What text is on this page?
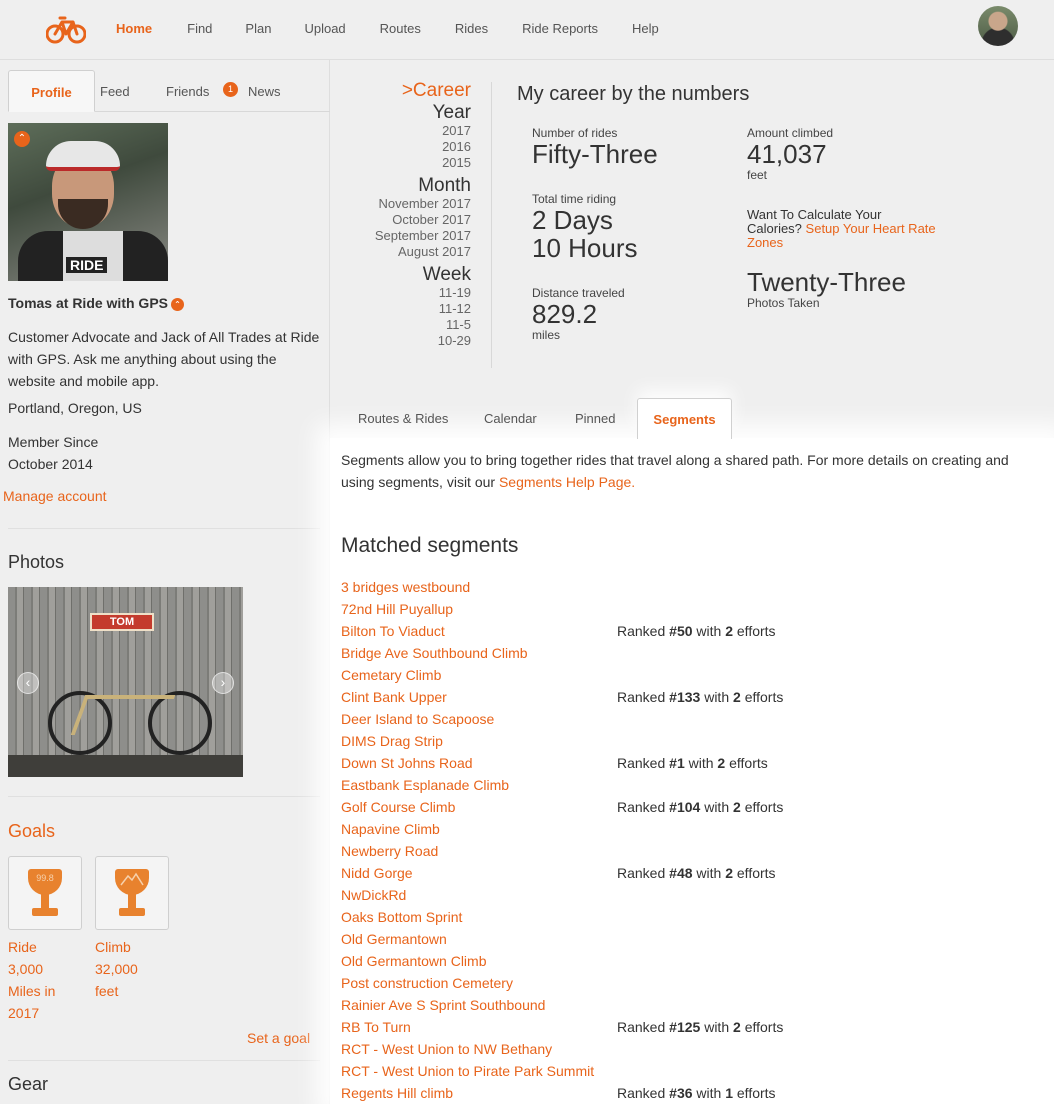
Home	Find	Plan	Upload	Routes	Rides	Ride Reports	Help
Profile	Feed	Friends	1	News
RIDE
⌃
Tomas at Ride with GPS ⌃
Customer Advocate and Jack of All Trades at Ride with GPS. Ask me anything about using the website and mobile app.
Portland, Oregon, US
Member Since
October 2014
Manage account
Photos
TOM
‹	›
Goals
99.8
Ride
3,000
Miles in
2017
Climb
32,000
feet
Set a goal
Gear
>Career
Year
2017
2016
2015
Month
November 2017
October 2017
September 2017
August 2017
Week
11-19
11-12
11-5
10-29
My career by the numbers
Number of rides
Fifty-Three
Total time riding
2 Days
10 Hours
Distance traveled
829.2
miles
Amount climbed
41,037
feet
Want To Calculate Your Calories? Setup Your Heart Rate Zones
Twenty-Three
Photos Taken
Routes & Rides	Calendar	Pinned	Segments
Segments allow you to bring together rides that travel along a shared path. For more details on creating and using segments, visit our Segments Help Page.
Matched segments
3 bridges westbound
72nd Hill Puyallup
Bilton To Viaduct	Ranked #50 with 2 efforts
Bridge Ave Southbound Climb
Cemetary Climb
Clint Bank Upper	Ranked #133 with 2 efforts
Deer Island to Scapoose
DIMS Drag Strip
Down St Johns Road	Ranked #1 with 2 efforts
Eastbank Esplanade Climb
Golf Course Climb	Ranked #104 with 2 efforts
Napavine Climb
Newberry Road
Nidd Gorge	Ranked #48 with 2 efforts
NwDickRd
Oaks Bottom Sprint
Old Germantown
Old Germantown Climb
Post construction Cemetery
Rainier Ave S Sprint Southbound
RB To Turn	Ranked #125 with 2 efforts
RCT - West Union to NW Bethany
RCT - West Union to Pirate Park Summit
Regents Hill climb	Ranked #36 with 1 efforts
